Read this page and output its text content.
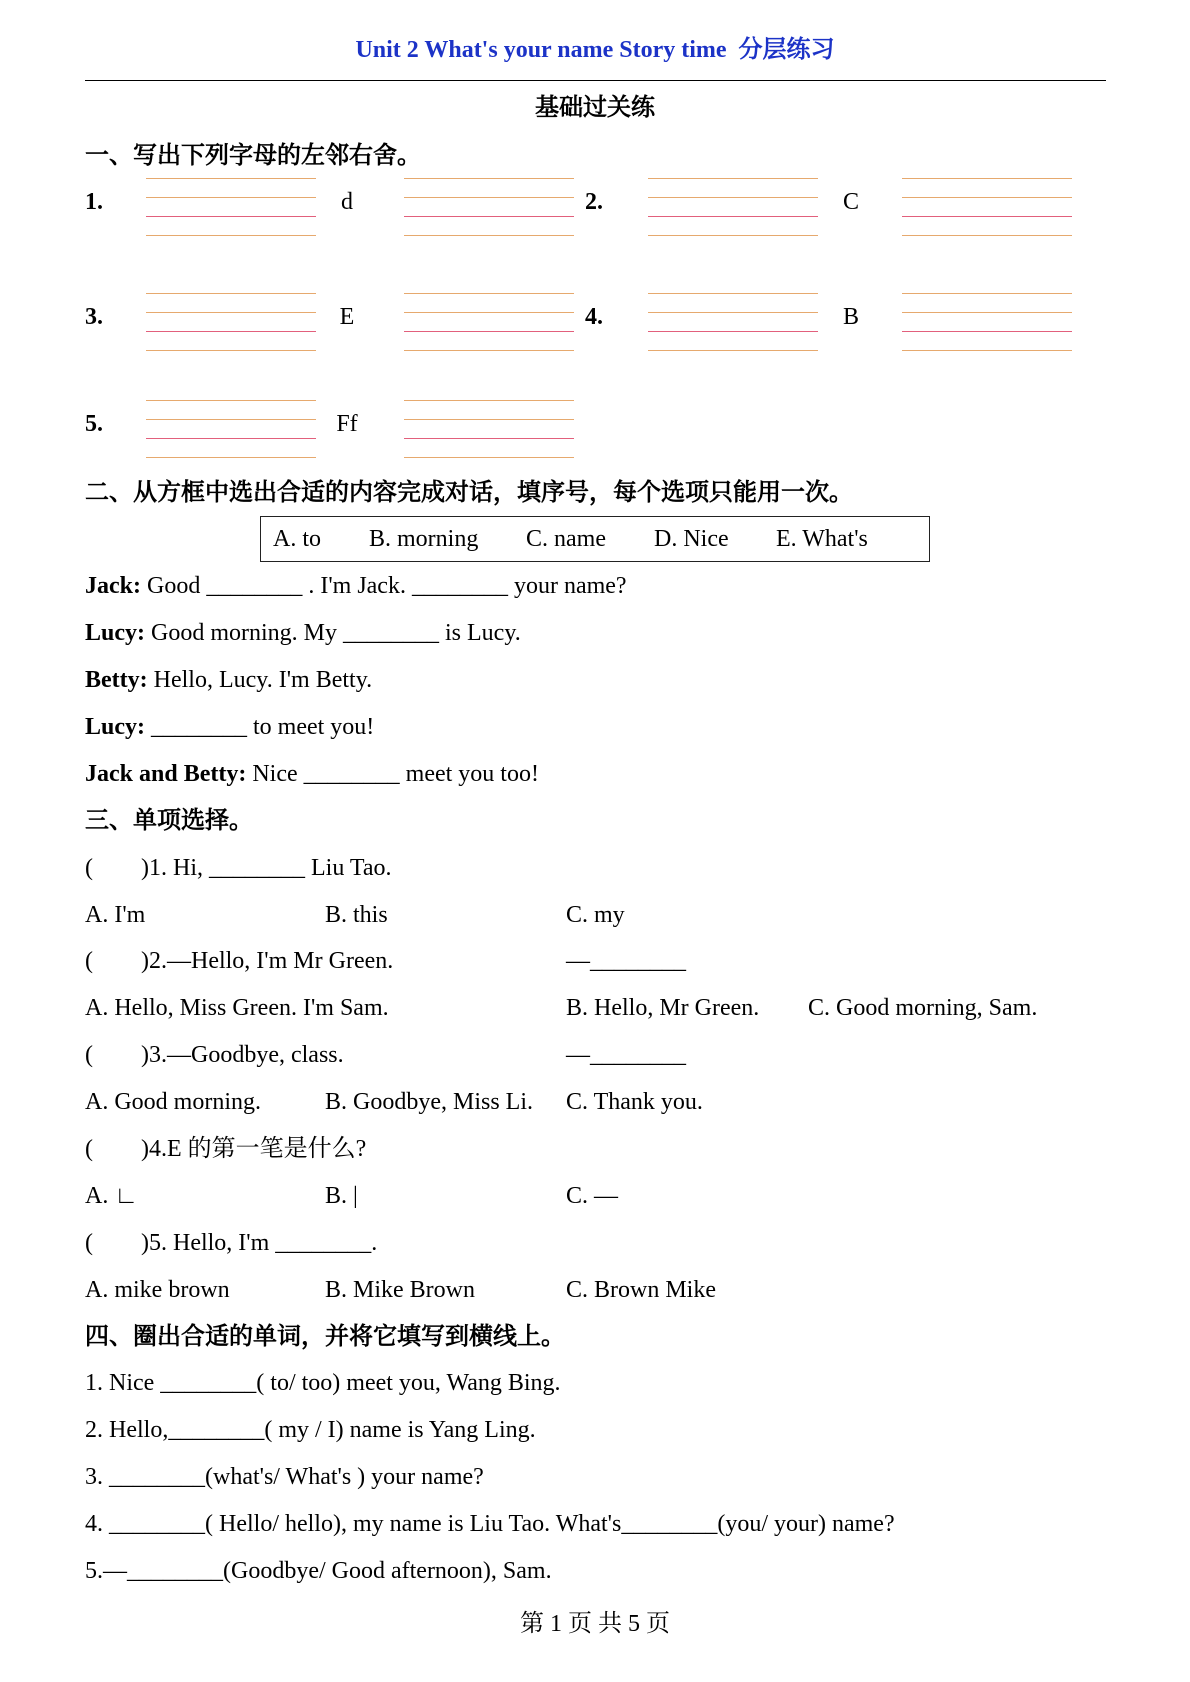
Unit 2 What's your name Story time  分层练习
基础过关练
一、写出下列字母的左邻右舍。
1.	d	2.	C
3.	E	4.	B
5.	Ff
二、从方框中选出合适的内容完成对话，填序号，每个选项只能用一次。

A. to

B. morning

C. name

D. Nice

E. What's

Jack: Good ________ . I'm Jack. ________ your name?
Lucy: Good morning. My ________ is Lucy.
Betty: Hello, Lucy. I'm Betty.
Lucy: ________ to meet you!
Jack and Betty: Nice ________ meet you too!
三、单项选择。
(        ) 1. Hi, ________ Liu Tao.
A. I'm	B. this	C. my
(        ) 2.—Hello, I'm Mr Green.	—________
A. Hello, Miss Green. I'm Sam.	B. Hello, Mr Green. C. Good morning, Sam.
(        ) 3.—Goodbye, class.	—________
A. Good morning.	B. Goodbye, Miss Li. C. Thank you.
(        ) 4.E 的第一笔是什么?
A. ∟	B. |	C. —
(        ) 5. Hello, I'm ________.
A. mike brown	B. Mike Brown	C. Brown Mike
四、圈出合适的单词，并将它填写到横线上。
1. Nice ________( to/ too) meet you, Wang Bing.
2. Hello,________( my / I) name is Yang Ling.
3. ________(what's/ What's ) your name?
4. ________( Hello/ hello), my name is Liu Tao. What's________(you/ your) name?
5.—________(Goodbye/ Good afternoon), Sam.
第 1 页 共 5 页
